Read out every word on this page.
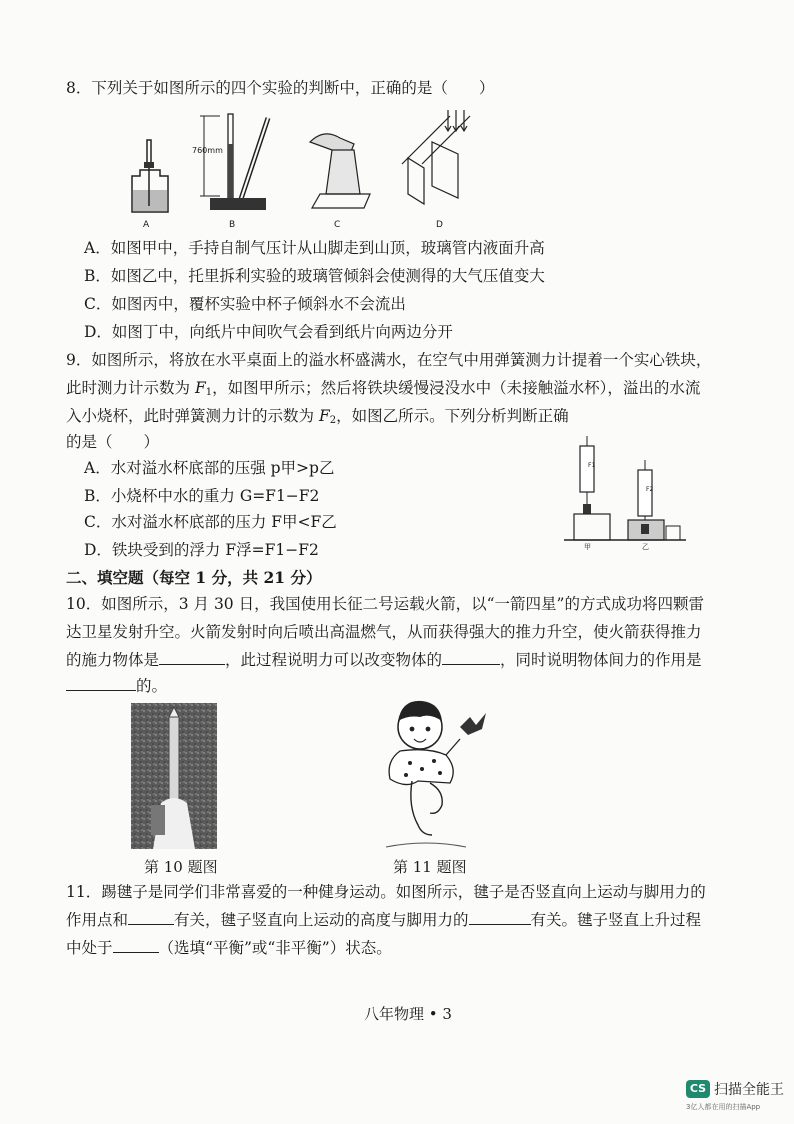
8．下列关于如图所示的四个实验的判断中，正确的是（　　）
A
760mm
B	C	D
A．如图甲中，手持自制气压计从山脚走到山顶，玻璃管内液面升高
B．如图乙中，托里拆利实验的玻璃管倾斜会使测得的大气压值变大
C．如图丙中，覆杯实验中杯子倾斜水不会流出
D．如图丁中，向纸片中间吹气会看到纸片向两边分开
9．如图所示，将放在水平桌面上的溢水杯盛满水，在空气中用弹簧测力计提着一个实心铁块，
此时测力计示数为 $F_1$，如图甲所示；然后将铁块缓慢浸没水中（未接触溢水杯），溢出的水流
入小烧杯，此时弹簧测力计的示数为 $F_2$，如图乙所示。下列分析判断正确
的是（　　）
A．水对溢水杯底部的压强 p甲>p乙
B．小烧杯中水的重力 G=F1−F2
C．水对溢水杯底部的压力 F甲<F乙
D．铁块受到的浮力 F浮=F1−F2
F1
F2
甲	乙
二、填空题（每空 1 分，共 21 分）
10．如图所示，3 月 30 日，我国使用长征二号运载火箭，以“一箭四星”的方式成功将四颗雷
达卫星发射升空。火箭发射时向后喷出高温燃气，从而获得强大的推力升空，使火箭获得推力
的施力物体是	，此过程说明力可以改变物体的	，同时说明物体间力的作用是
的。
第 10 题图	第 11 题图
11．踢毽子是同学们非常喜爱的一种健身运动。如图所示，毽子是否竖直向上运动与脚用力的
作用点和	有关，毽子竖直向上运动的高度与脚用力的	有关。毽子竖直上升过程
中处于	（选填“平衡”或“非平衡”）状态。
八年物理 • 3
CS 扫描全能王
3亿人都在用的扫描App
